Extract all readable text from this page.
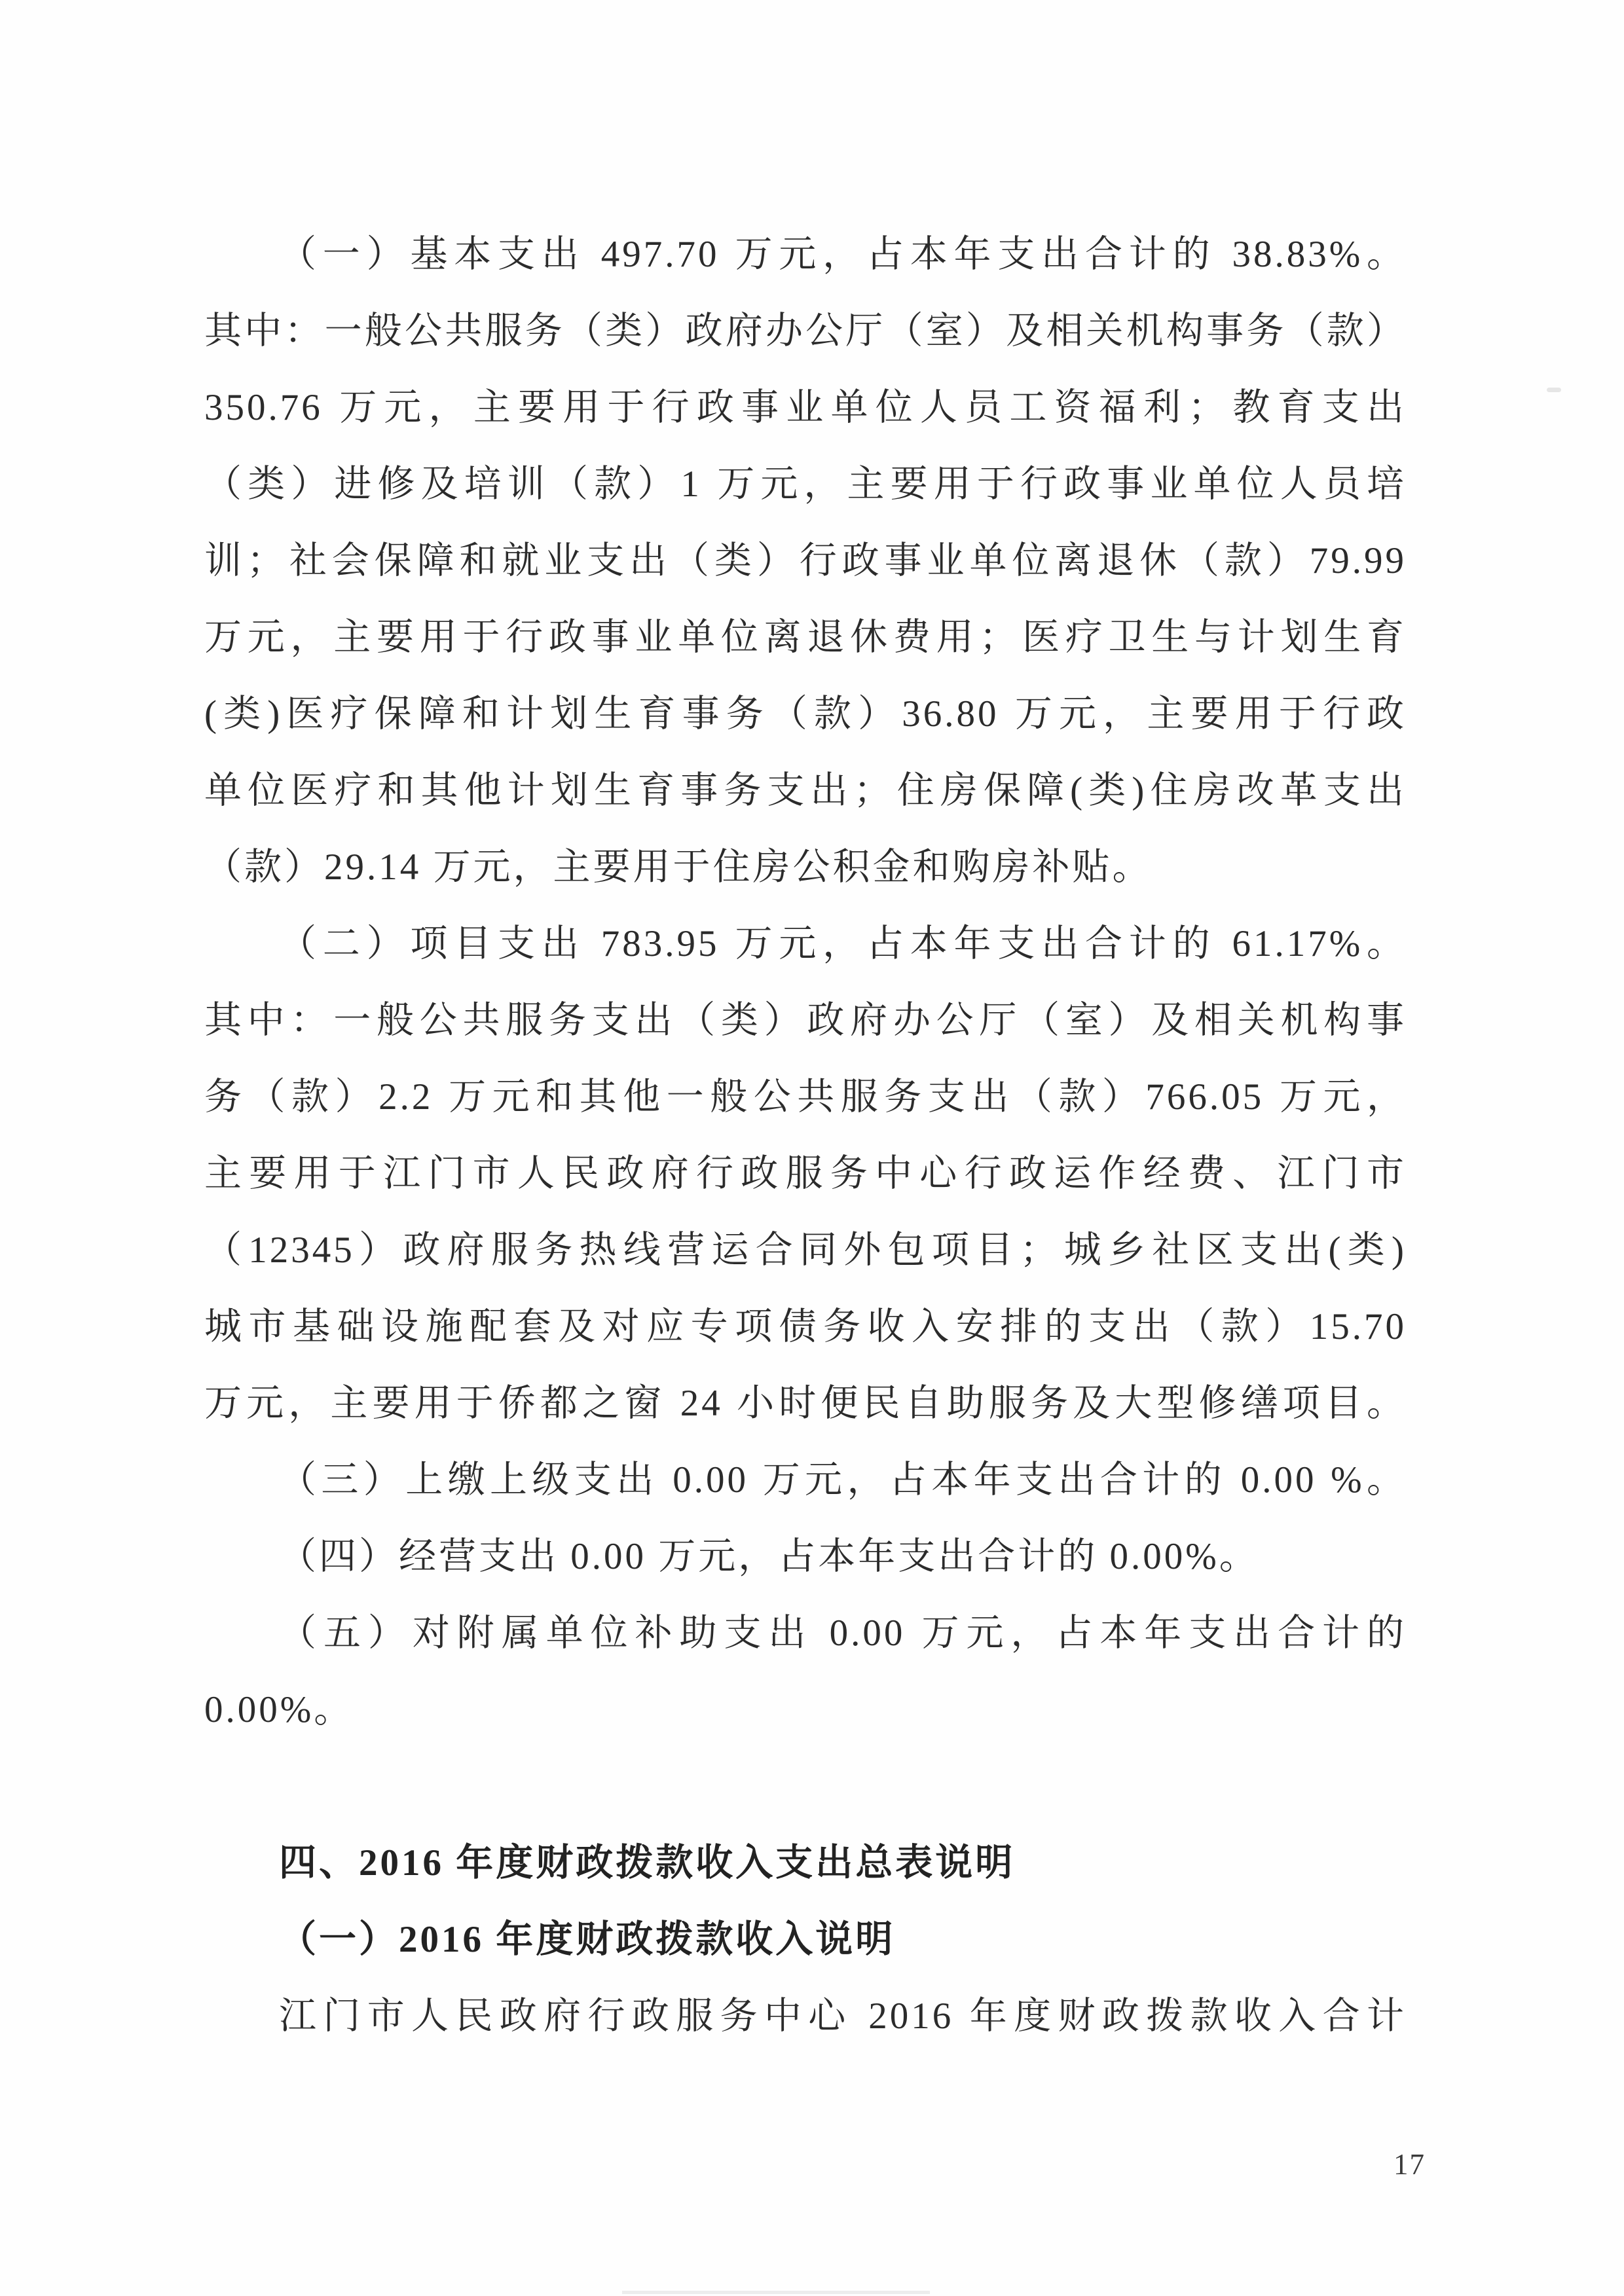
（一）基本支出 497.70 万元，占本年支出合计的 38.83%。
其中：一般公共服务（类）政府办公厅（室）及相关机构事务（款）
350.76 万元，主要用于行政事业单位人员工资福利；教育支出
（类）进修及培训（款）1 万元，主要用于行政事业单位人员培
训；社会保障和就业支出（类）行政事业单位离退休（款）79.99
万元，主要用于行政事业单位离退休费用；医疗卫生与计划生育
(类)医疗保障和计划生育事务（款）36.80 万元，主要用于行政
单位医疗和其他计划生育事务支出；住房保障(类)住房改革支出
（款）29.14 万元，主要用于住房公积金和购房补贴。
（二）项目支出 783.95 万元，占本年支出合计的 61.17%。
其中：一般公共服务支出（类）政府办公厅（室）及相关机构事
务（款）2.2 万元和其他一般公共服务支出（款）766.05 万元，
主要用于江门市人民政府行政服务中心行政运作经费、江门市
（12345）政府服务热线营运合同外包项目；城乡社区支出(类)
城市基础设施配套及对应专项债务收入安排的支出（款）15.70
万元，主要用于侨都之窗 24 小时便民自助服务及大型修缮项目。
（三）上缴上级支出 0.00 万元，占本年支出合计的 0.00 %。
（四）经营支出 0.00 万元，占本年支出合计的 0.00%。
（五）对附属单位补助支出 0.00 万元，占本年支出合计的
0.00%。
四、2016 年度财政拨款收入支出总表说明
（一）2016 年度财政拨款收入说明
江门市人民政府行政服务中心 2016 年度财政拨款收入合计
17
